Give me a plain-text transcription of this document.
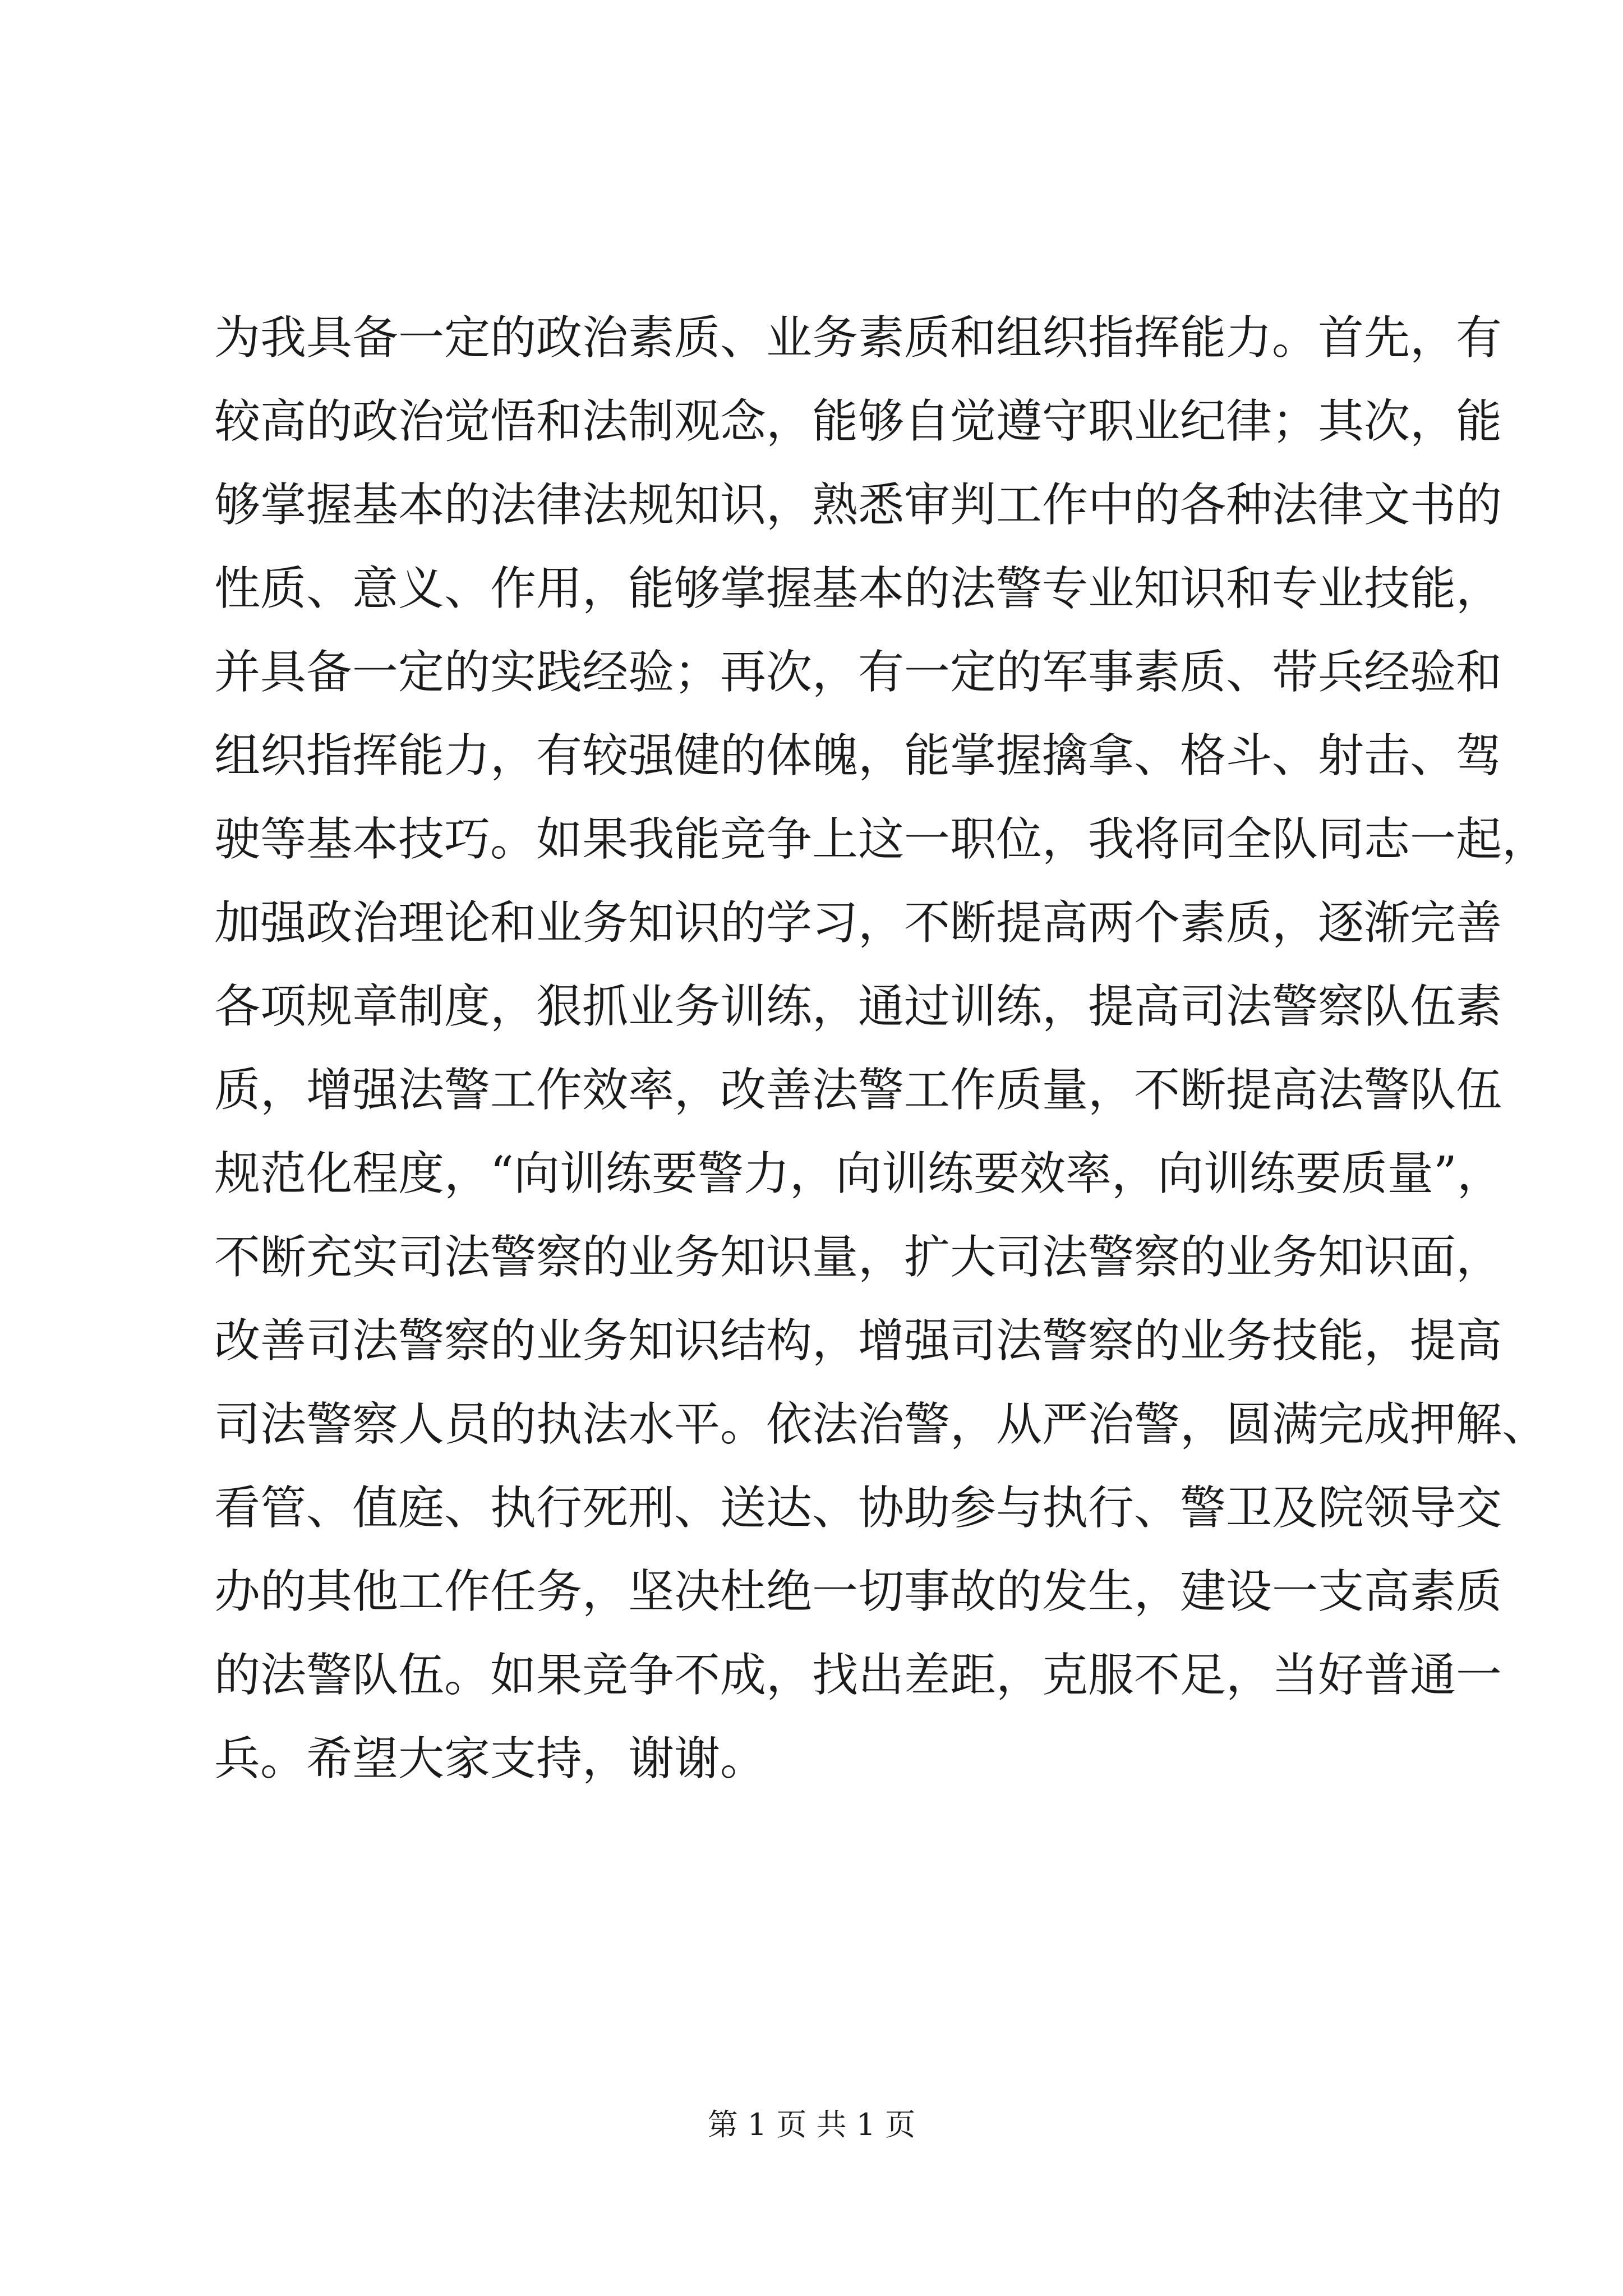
为我具备一定的政治素质、业务素质和组织指挥能力。首先，有
较高的政治觉悟和法制观念，能够自觉遵守职业纪律；其次，能
够掌握基本的法律法规知识，熟悉审判工作中的各种法律文书的
性质、意义、作用，能够掌握基本的法警专业知识和专业技能，
并具备一定的实践经验；再次，有一定的军事素质、带兵经验和
组织指挥能力，有较强健的体魄，能掌握擒拿、格斗、射击、驾
驶等基本技巧。如果我能竞争上这一职位，我将同全队同志一起，
加强政治理论和业务知识的学习，不断提高两个素质，逐渐完善
各项规章制度，狠抓业务训练，通过训练，提高司法警察队伍素
质，增强法警工作效率，改善法警工作质量，不断提高法警队伍
规范化程度，“向训练要警力，向训练要效率，向训练要质量”，
不断充实司法警察的业务知识量，扩大司法警察的业务知识面，
改善司法警察的业务知识结构，增强司法警察的业务技能，提高
司法警察人员的执法水平。依法治警，从严治警，圆满完成押解、
看管、值庭、执行死刑、送达、协助参与执行、警卫及院领导交
办的其他工作任务，坚决杜绝一切事故的发生，建设一支高素质
的法警队伍。如果竞争不成，找出差距，克服不足，当好普通一
兵。希望大家支持，谢谢。
第 1 页 共 1 页
